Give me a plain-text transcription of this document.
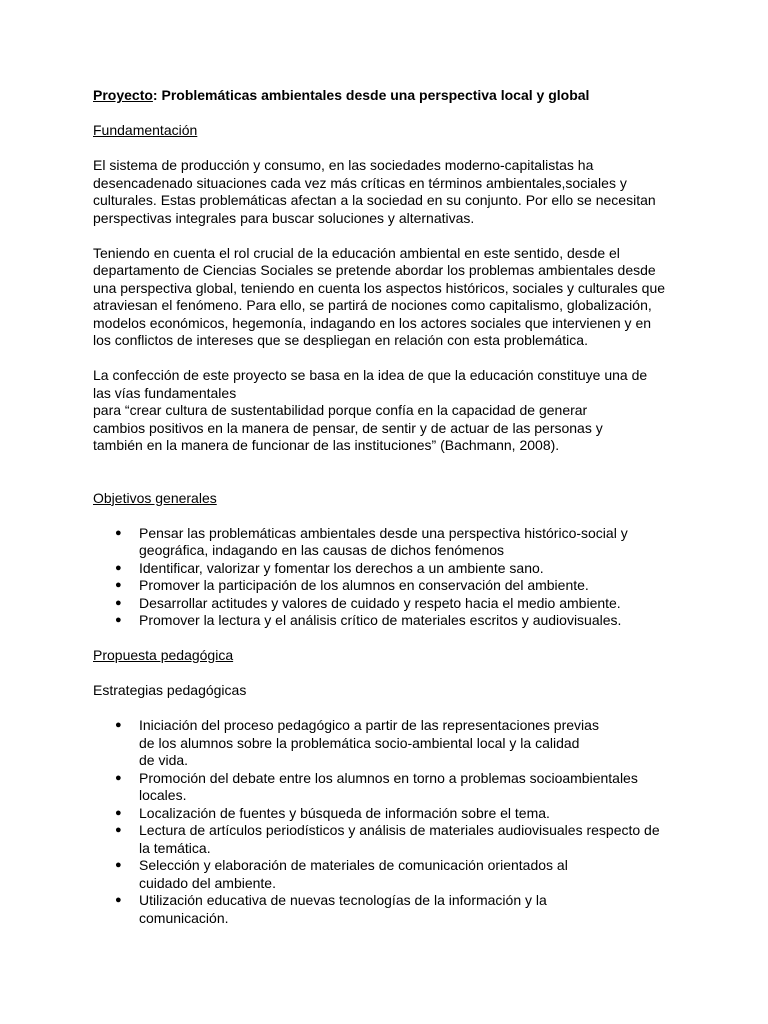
Proyecto: Problemáticas ambientales desde una perspectiva local y global

Fundamentación

El sistema de producción y consumo, en las sociedades moderno-capitalistas ha
desencadenado situaciones cada vez más críticas en términos ambientales,sociales y
culturales. Estas problemáticas afectan a la sociedad en su conjunto. Por ello se necesitan
perspectivas integrales para buscar soluciones y alternativas.

Teniendo en cuenta el rol crucial de la educación ambiental en este sentido, desde el
departamento de Ciencias Sociales se pretende abordar los problemas ambientales desde
una perspectiva global, teniendo en cuenta los aspectos históricos, sociales y culturales que
atraviesan el fenómeno. Para ello, se partirá de nociones como capitalismo, globalización,
modelos económicos, hegemonía, indagando en los actores sociales que intervienen y en
los conflictos de intereses que se despliegan en relación con esta problemática.

La confección de este proyecto se basa en la idea de que la educación constituye una de
las vías fundamentales
para “crear cultura de sustentabilidad porque confía en la capacidad de generar
cambios positivos en la manera de pensar, de sentir y de actuar de las personas y
también en la manera de funcionar de las instituciones” (Bachmann, 2008).

Objetivos generales

● Pensar las problemáticas ambientales desde una perspectiva histórico-social y
geográfica, indagando en las causas de dichos fenómenos
● Identificar, valorizar y fomentar los derechos a un ambiente sano.
● Promover la participación de los alumnos en conservación del ambiente.
● Desarrollar actitudes y valores de cuidado y respeto hacia el medio ambiente.
● Promover la lectura y el análisis crítico de materiales escritos y audiovisuales.

Propuesta pedagógica

Estrategias pedagógicas

● Iniciación del proceso pedagógico a partir de las representaciones previas
de los alumnos sobre la problemática socio-ambiental local y la calidad
de vida.
● Promoción del debate entre los alumnos en torno a problemas socioambientales
locales.
● Localización de fuentes y búsqueda de información sobre el tema.
● Lectura de artículos periodísticos y análisis de materiales audiovisuales respecto de
la temática.
● Selección y elaboración de materiales de comunicación orientados al
cuidado del ambiente.
● Utilización educativa de nuevas tecnologías de la información y la
comunicación.
